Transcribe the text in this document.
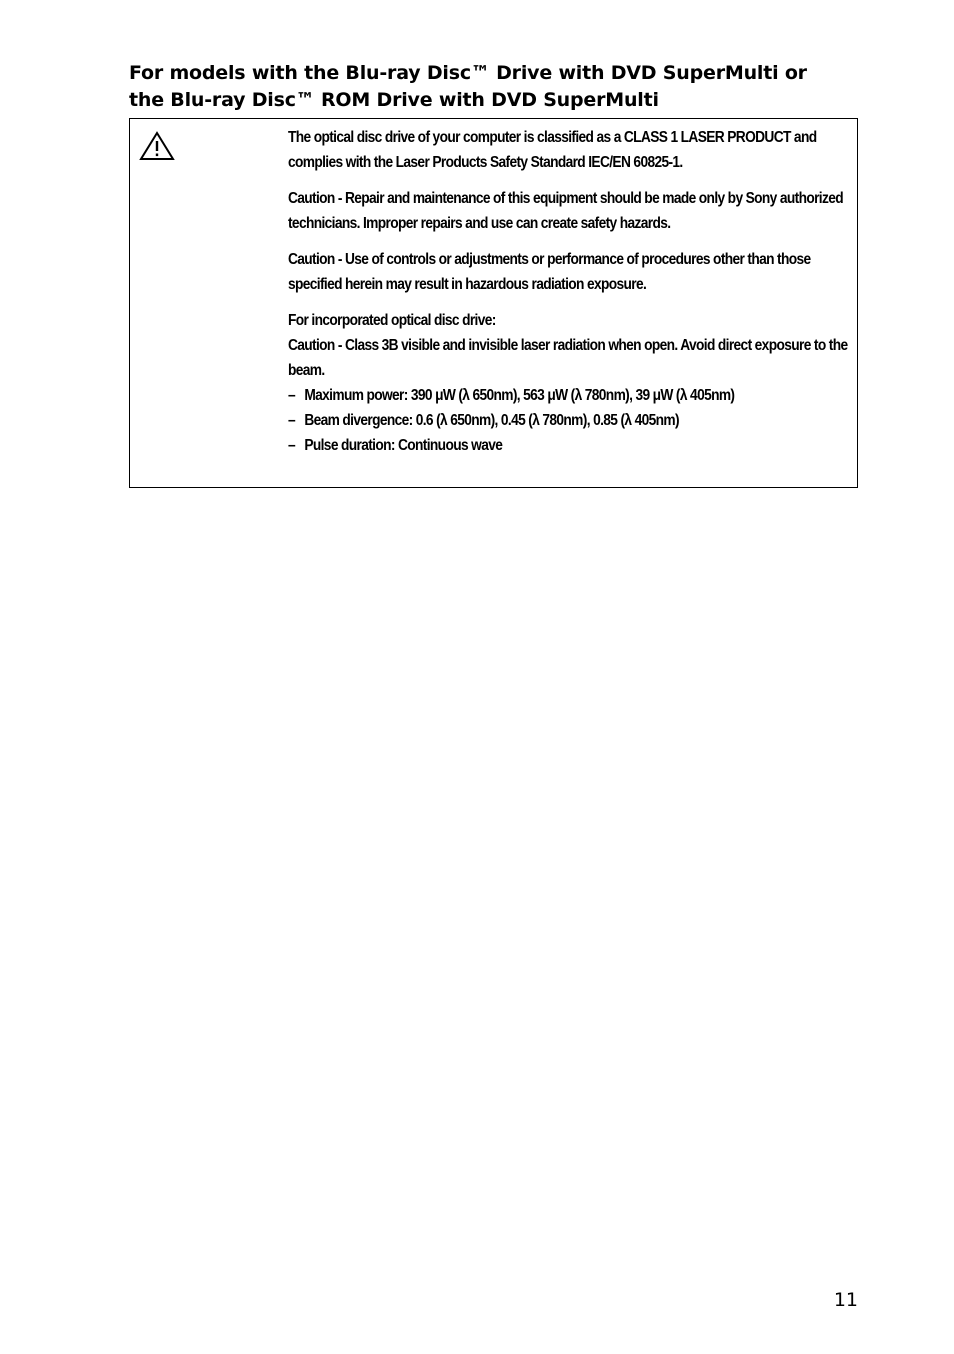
For models with the Blu-ray Disc™ Drive with DVD SuperMulti or
the Blu-ray Disc™ ROM Drive with DVD SuperMulti

The optical disc drive of your computer is classified as a CLASS 1 LASER PRODUCT and complies with the Laser Products Safety Standard IEC/EN 60825-1.

Caution - Repair and maintenance of this equipment should be made only by Sony authorized technicians. Improper repairs and use can create safety hazards.

Caution - Use of controls or adjustments or performance of procedures other than those specified herein may result in hazardous radiation exposure.

For incorporated optical disc drive:
Caution - Class 3B visible and invisible laser radiation when open. Avoid direct exposure to the beam.
– Maximum power: 390 μW (λ 650nm), 563 μW (λ 780nm), 39 μW (λ 405nm)
– Beam divergence: 0.6 (λ 650nm), 0.45 (λ 780nm), 0.85 (λ 405nm)
– Pulse duration: Continuous wave
11
